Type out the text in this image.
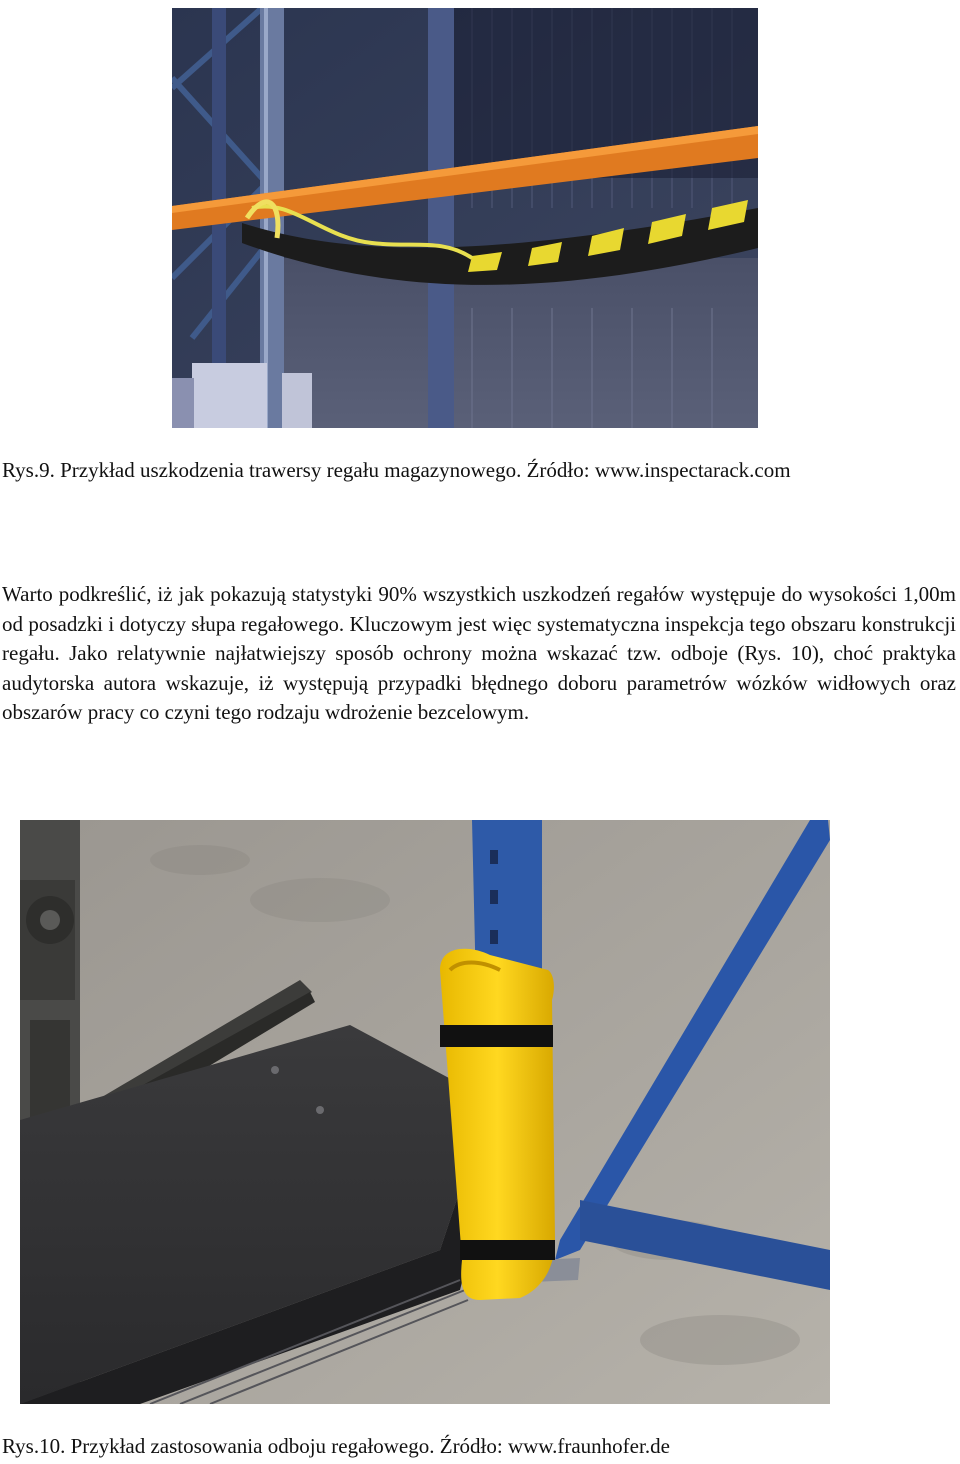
Rys.9. Przykład uszkodzenia trawersy regału magazynowego. Źródło: www.inspectarack.com

Warto podkreślić, iż jak pokazują statystyki 90% wszystkich uszkodzeń regałów występuje do wysokości 1,00m od posadzki i dotyczy słupa regałowego. Kluczowym jest więc systematyczna inspekcja tego obszaru konstrukcji regału. Jako relatywnie najłatwiejszy sposób ochrony można wskazać tzw. odboje (Rys. 10), choć praktyka audytorska autora wskazuje, iż występują przypadki błędnego doboru parametrów wózków widłowych oraz obszarów pracy co czyni tego rodzaju wdrożenie bezcelowym.

Rys.10. Przykład zastosowania odboju regałowego. Źródło: www.fraunhofer.de
